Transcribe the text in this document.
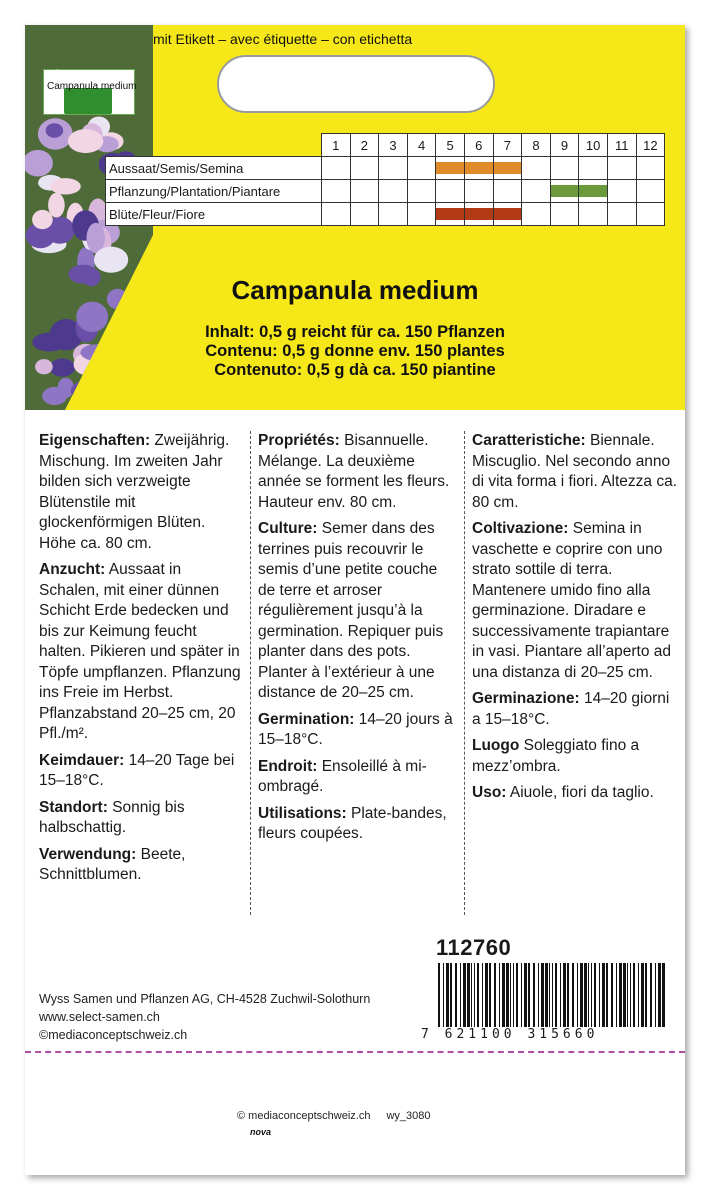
select
Campanula medium
mit Etikett – avec étiquette – con etichetta
	1	2	3	4	5	6	7	8	9	10	11	12
Aussaat/Semis/Semina					

Pflanzung/Plantation/Piantare									

Blüte/Fleur/Fiore					

Campanula medium
Inhalt: 0,5 g reicht für ca. 150 Pflanzen
Contenu: 0,5 g donne env. 150 plantes
Contenuto: 0,5 g dà ca. 150 piantine
Eigenschaften: Zweijährig. Mischung. Im zweiten Jahr bilden sich verzweigte Blütenstile mit glockenförmigen Blüten. Höhe ca. 80 cm.
Anzucht: Aussaat in Schalen, mit einer dünnen Schicht Erde bedecken und bis zur Keimung feucht halten. Pikieren und später in Töpfe umpflanzen. Pflanzung ins Freie im Herbst. Pflanzabstand 20–25 cm, 20 Pfl./m².
Keimdauer: 14–20 Tage bei 15–18°C.
Standort: Sonnig bis halbschattig.
Verwendung: Beete, Schnittblumen.
Propriétés: Bisannuelle. Mélange. La deuxième année se forment les fleurs. Hauteur env. 80 cm.
Culture: Semer dans des terrines puis recouvrir le semis d’une petite couche de terre et arroser régulièrement jusqu’à la germination. Repiquer puis planter dans des pots. Planter à l’extérieur à une distance de 20–25 cm.
Germination: 14–20 jours à 15–18°C.
Endroit: Ensoleillé à mi-ombragé.
Utilisations: Plate-bandes, fleurs coupées.
Caratteristiche: Biennale. Miscuglio. Nel secondo anno di vita forma i fiori. Altezza ca. 80 cm.
Coltivazione: Semina in vaschette e coprire con uno strato sottile di terra. Mantenere umido fino alla germinazione. Diradare e successivamente trapiantare in vasi. Piantare all’aperto ad una distanza di 20–25 cm.
Germinazione: 14–20 giorni a 15–18°C.
Luogo Soleggiato fino a mezz’ombra.
Uso: Aiuole, fiori da taglio.
112760
7 621100 315660
Wyss Samen und Pflanzen AG, CH-4528 Zuchwil-Solothurn
www.select-samen.ch
©mediaconceptschweiz.ch
© mediaconceptschweiz.ch wy_3080
nova
